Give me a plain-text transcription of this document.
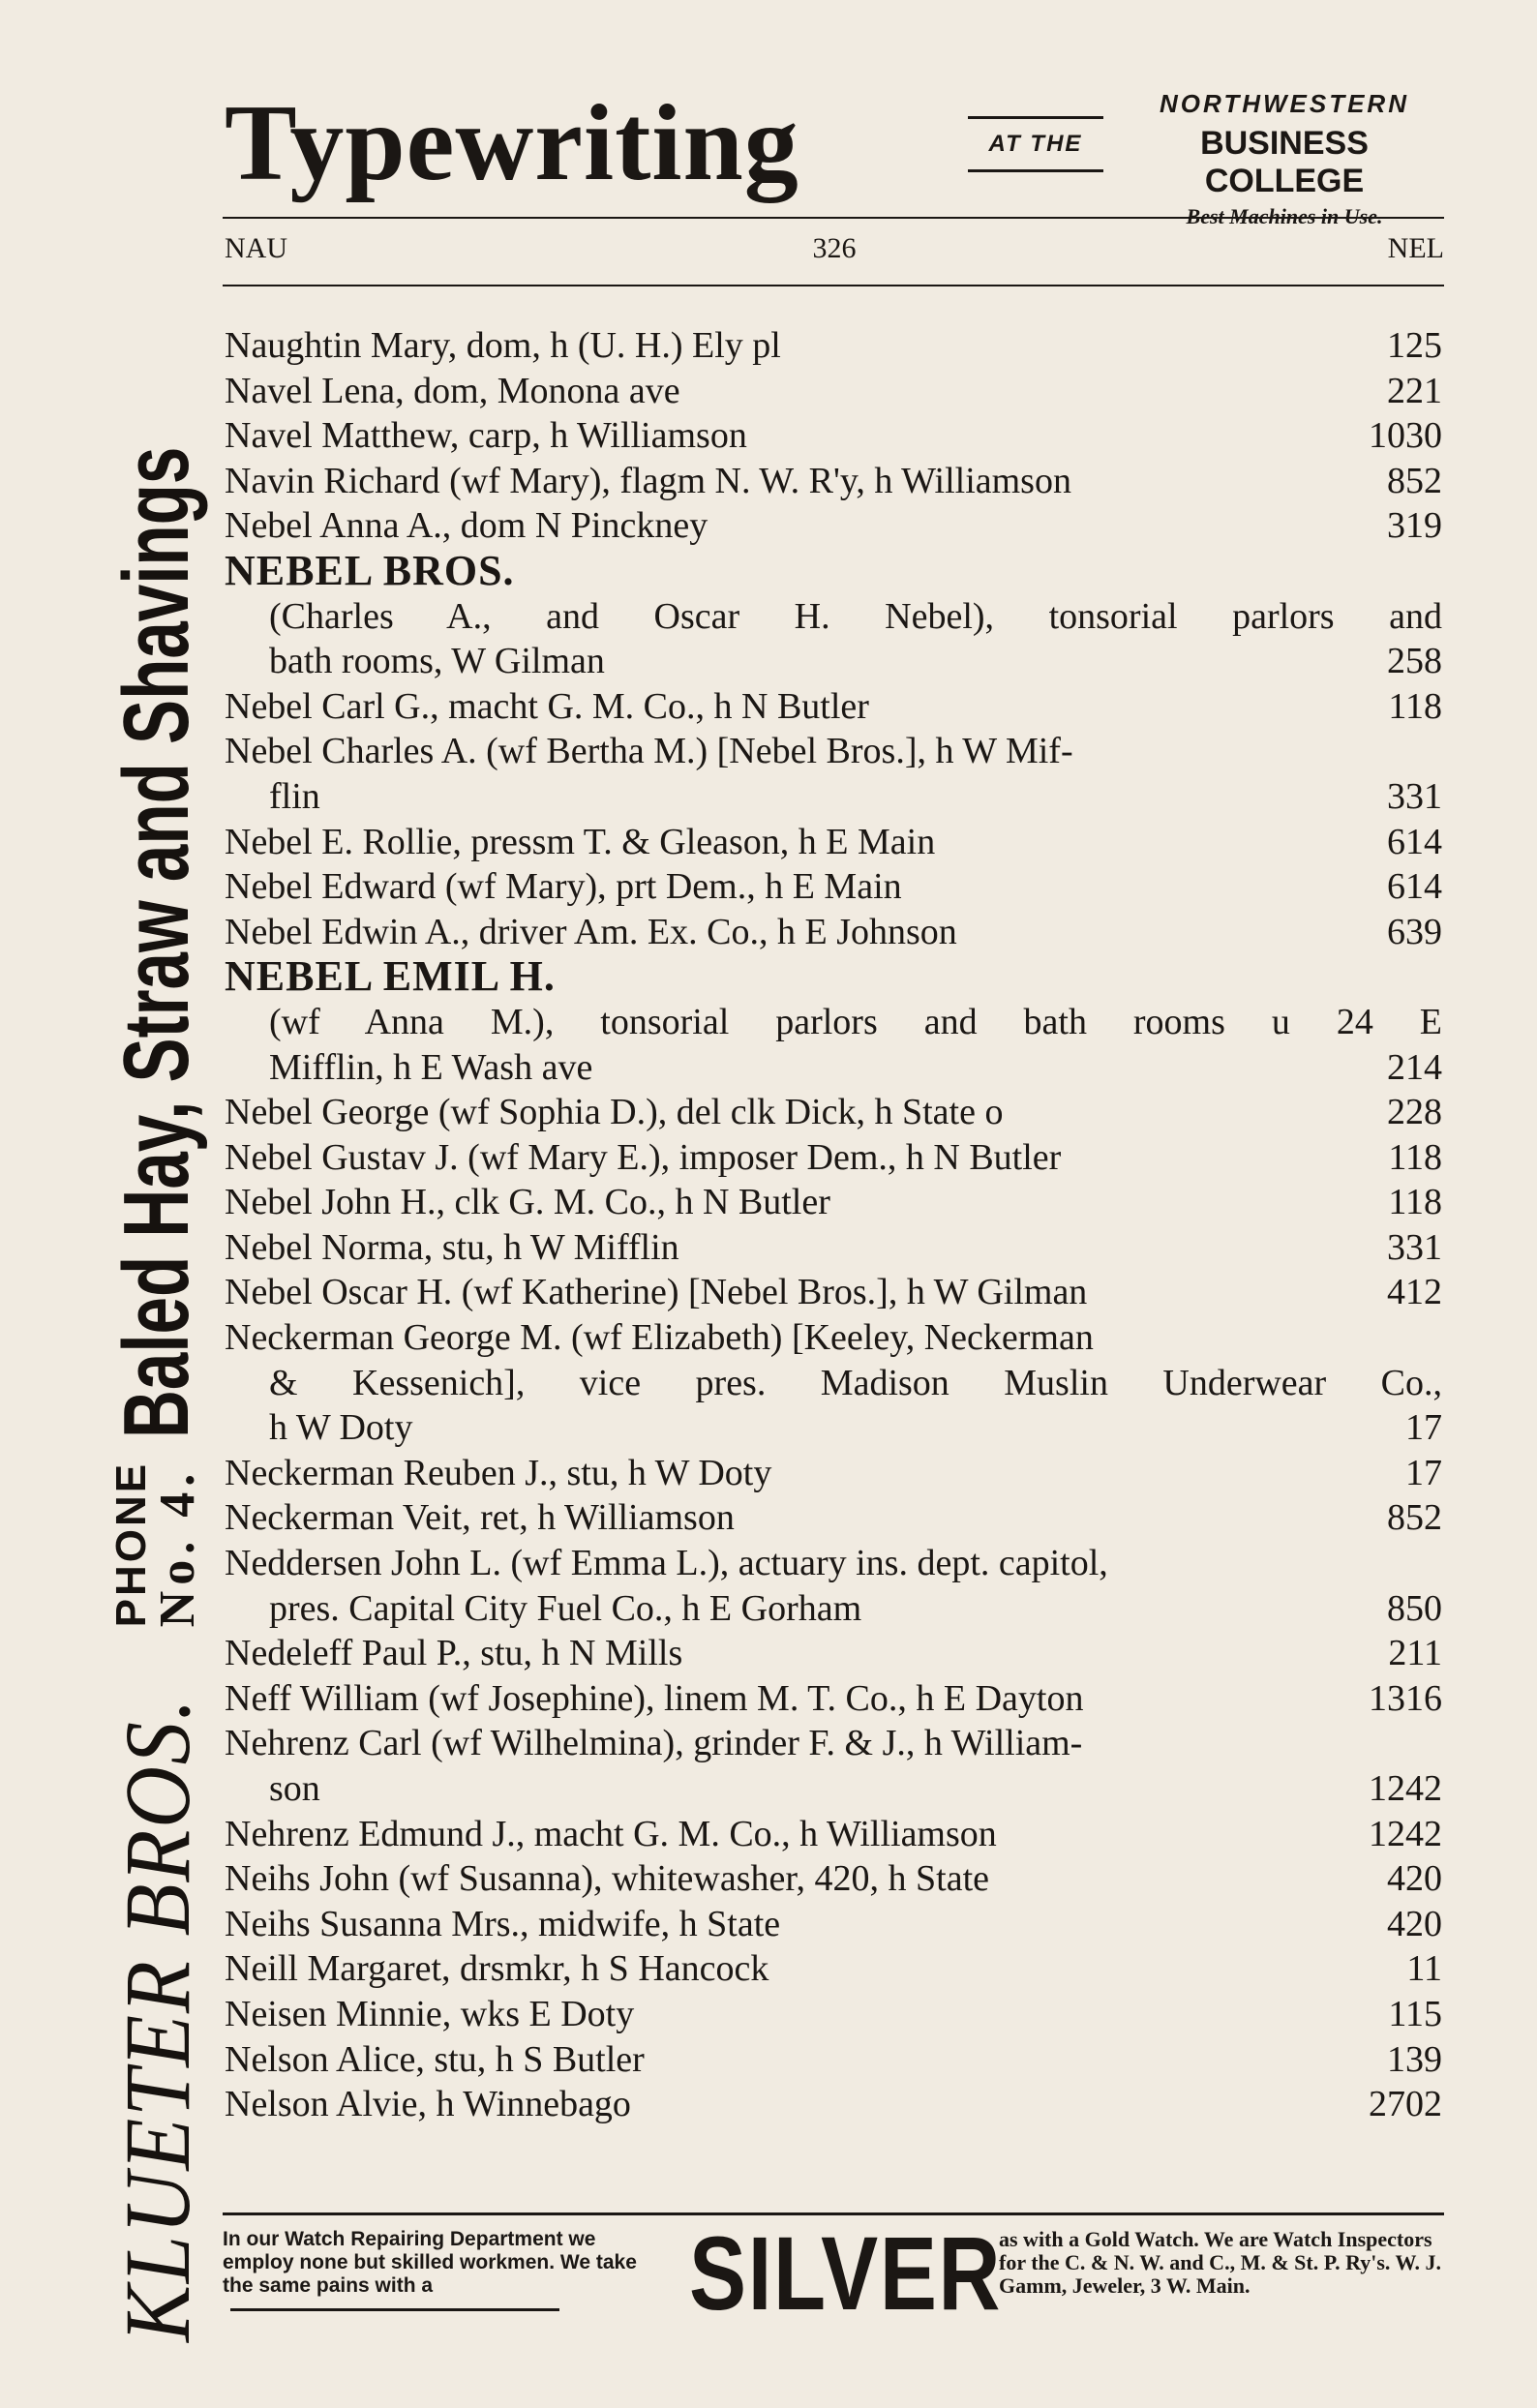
KLUETER BROS.
PHONE
No. 4.
Baled Hay, Straw and Shavings
Typewriting	AT THE
NORTHWESTERN
BUSINESS COLLEGE
Best Machines in Use.
NAU	326	NEL
Naughtin Mary, dom, h (U. H.) Ely pl	125
Navel Lena, dom, Monona ave	221
Navel Matthew, carp, h Williamson	1030
Navin Richard (wf Mary), flagm N. W. R'y, h Williamson	852
Nebel Anna A., dom N Pinckney	319
NEBEL BROS.
(Charles A., and Oscar H. Nebel), tonsorial parlors and
bath rooms, W Gilman	258
Nebel Carl G., macht G. M. Co., h N Butler	118
Nebel Charles A. (wf Bertha M.) [Nebel Bros.], h W Mif-
flin	331
Nebel E. Rollie, pressm T. & Gleason, h E Main	614
Nebel Edward (wf Mary), prt Dem., h E Main	614
Nebel Edwin A., driver Am. Ex. Co., h E Johnson	639
NEBEL EMIL H.
(wf Anna M.), tonsorial parlors and bath rooms u 24 E
Mifflin, h E Wash ave	214
Nebel George (wf Sophia D.), del clk Dick, h State o	228
Nebel Gustav J. (wf Mary E.), imposer Dem., h N Butler	118
Nebel John H., clk G. M. Co., h N Butler	118
Nebel Norma, stu, h W Mifflin	331
Nebel Oscar H. (wf Katherine) [Nebel Bros.], h W Gilman	412
Neckerman George M. (wf Elizabeth) [Keeley, Neckerman
& Kessenich], vice pres. Madison Muslin Underwear Co.,
h W Doty	17
Neckerman Reuben J., stu, h W Doty	17
Neckerman Veit, ret, h Williamson	852
Neddersen John L. (wf Emma L.), actuary ins. dept. capitol,
pres. Capital City Fuel Co., h E Gorham	850
Nedeleff Paul P., stu, h N Mills	211
Neff William (wf Josephine), linem M. T. Co., h E Dayton	1316
Nehrenz Carl (wf Wilhelmina), grinder F. & J., h William-
son	1242
Nehrenz Edmund J., macht G. M. Co., h Williamson	1242
Neihs John (wf Susanna), whitewasher, 420, h State	420
Neihs Susanna Mrs., midwife, h State	420
Neill Margaret, drsmkr, h S Hancock	11
Neisen Minnie, wks E Doty	115
Nelson Alice, stu, h S Butler	139
Nelson Alvie, h Winnebago	2702
In our Watch Repairing Department we employ none but skilled workmen. We take the same pains with a	SILVER
as with a Gold Watch. We are Watch Inspectors for the C. & N. W. and C., M. & St. P. Ry's. W. J. Gamm, Jeweler, 3 W. Main.
